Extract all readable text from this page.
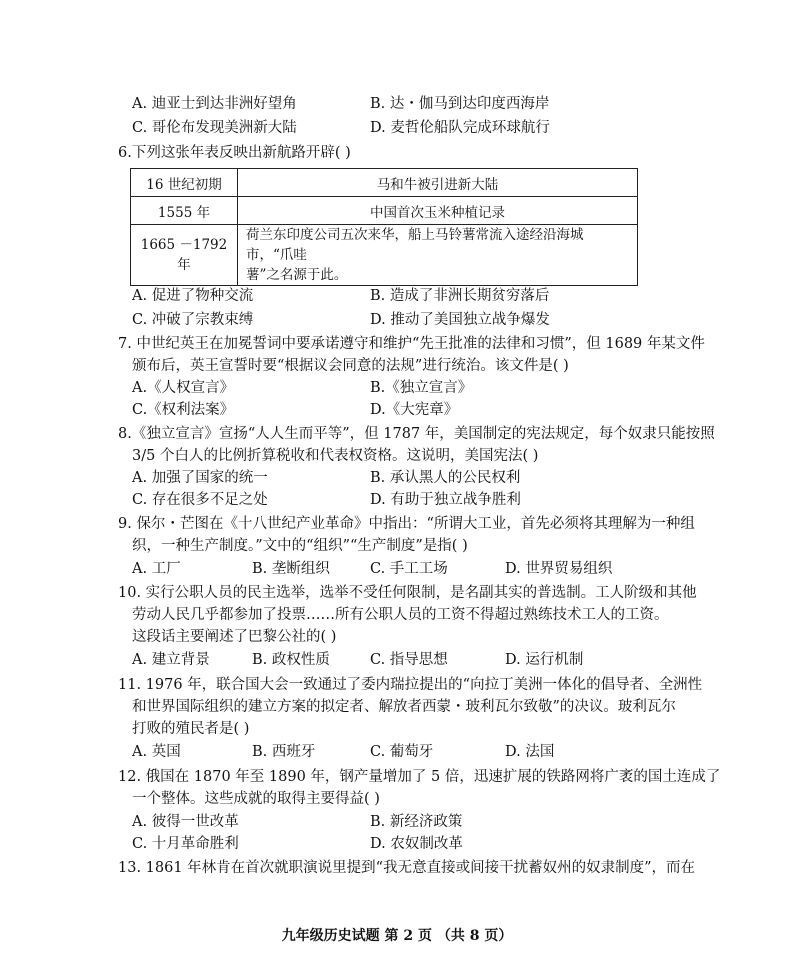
A. 迪亚士到达非洲好望角	B. 达・伽马到达印度西海岸
C. 哥伦布发现美洲新大陆	D. 麦哲伦船队完成环球航行
6.下列这张年表反映出新航路开辟( )
16 世纪初期	马和牛被引进新大陆
1555 年	中国首次玉米种植记录
1665 －1792 年	荷兰东印度公司五次来华，船上马铃薯常流入途经沿海城市，“爪哇
薯”之名源于此。
A. 促进了物种交流	B. 造成了非洲长期贫穷落后
C. 冲破了宗教束缚	D. 推动了美国独立战争爆发
7. 中世纪英王在加冕誓词中要承诺遵守和维护“先王批准的法律和习惯”，但 1689 年某文件
颁布后，英王宣誓时要“根据议会同意的法规”进行统治。该文件是( )
A.《人权宣言》	B.《独立宣言》
C.《权利法案》	D.《大宪章》
8.《独立宣言》宣扬“人人生而平等”，但 1787 年，美国制定的宪法规定，每个奴隶只能按照
3/5 个白人的比例折算税收和代表权资格。这说明，美国宪法( )
A. 加强了国家的统一	B. 承认黑人的公民权利
C. 存在很多不足之处	D. 有助于独立战争胜利
9. 保尔・芒图在《十八世纪产业革命》中指出：“所谓大工业，首先必须将其理解为一种组
织，一种生产制度。”文中的“组织”“生产制度”是指( )
A. 工厂	B. 垄断组织	C. 手工工场	D. 世界贸易组织
10. 实行公职人员的民主选举，选举不受任何限制，是名副其实的普选制。工人阶级和其他
劳动人民几乎都参加了投票……所有公职人员的工资不得超过熟练技术工人的工资。
这段话主要阐述了巴黎公社的( )
A. 建立背景	B. 政权性质	C. 指导思想	D. 运行机制
11. 1976 年，联合国大会一致通过了委内瑞拉提出的“向拉丁美洲一体化的倡导者、全洲性
和世界国际组织的建立方案的拟定者、解放者西蒙・玻利瓦尔致敬”的决议。玻利瓦尔
打败的殖民者是( )
A. 英国	B. 西班牙	C. 葡萄牙	D. 法国
12. 俄国在 1870 年至 1890 年，钢产量增加了 5 倍，迅速扩展的铁路网将广袤的国土连成了
一个整体。这些成就的取得主要得益( )
A. 彼得一世改革	B. 新经济政策
C. 十月革命胜利	D. 农奴制改革
13. 1861 年林肯在首次就职演说里提到“我无意直接或间接干扰蓄奴州的奴隶制度”，而在
九年级历史试题 第 2 页 （共 8 页）
